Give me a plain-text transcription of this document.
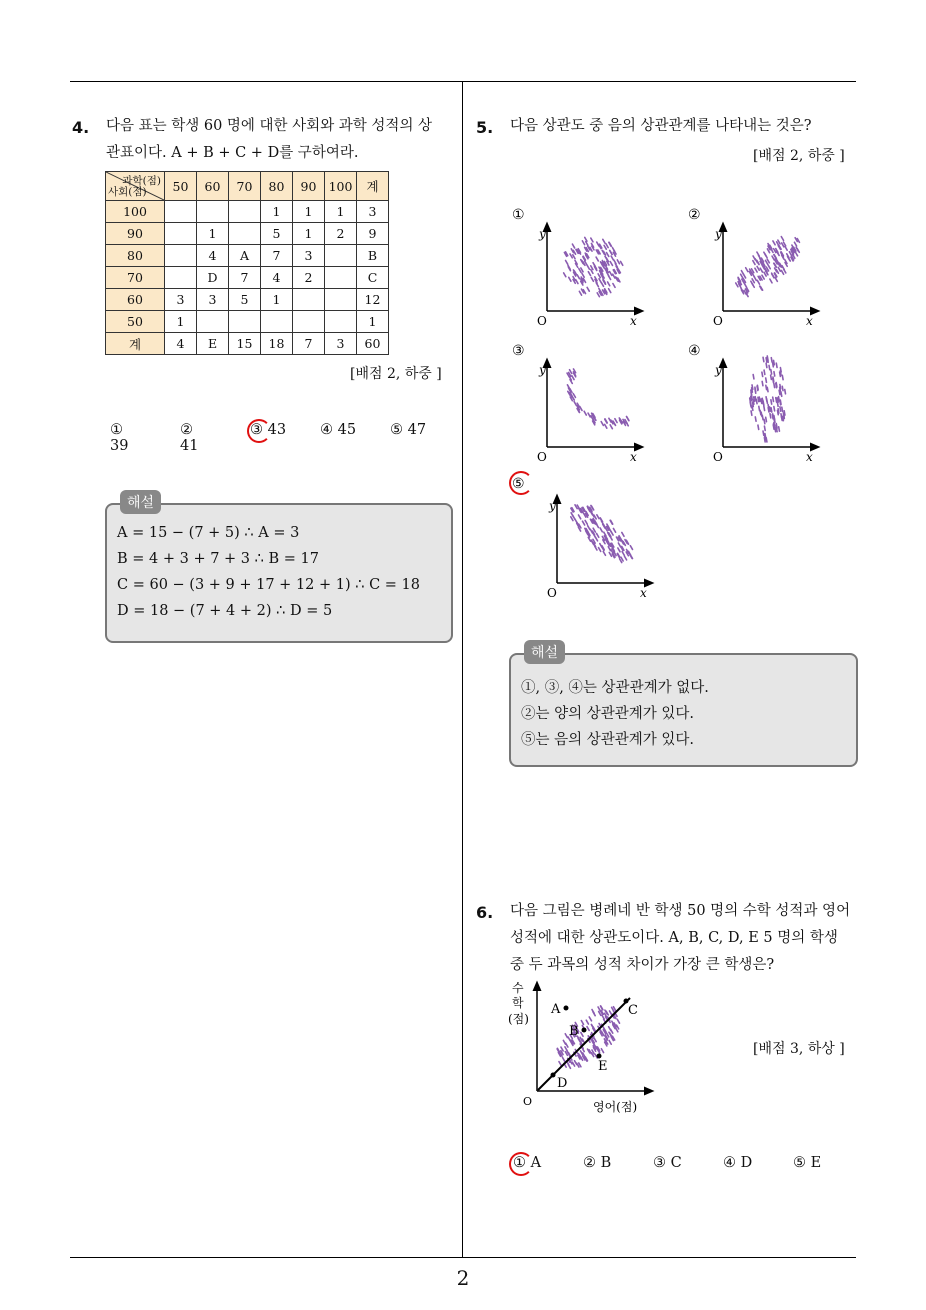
2
4. 다음 표는 학생 60 명에 대한 사회와 과학 성적의 상
관표이다. A + B + C + D를 구하여라.
과학(점)
사회(점)	50	60	70	80	90	100	계
100				1	1	1	3
90		1		5	1	2	9
80		4	A	7	3		B
70		D	7	4	2		C
60	3	3	5	1			12
50	1						1
계	4	E	15	18	7	3	60
[배점 2, 하중 ]
① 39
② 41
③ 43	④ 45	⑤ 47
해설
A = 15 − (7 + 5) ∴ A = 3
B = 4 + 3 + 7 + 3 ∴ B = 17
C = 60 − (3 + 9 + 17 + 12 + 1) ∴ C = 18
D = 18 − (7 + 4 + 2) ∴ D = 5
5. 다음 상관도 중 음의 상관관계를 나타내는 것은?
[배점 2, 하중 ]
①
y
O	x
②
y
O	x
③
y
O	x
④
y
O	x
⑤
y
O	x
수
학
(점)
O	영어(점)
A
B
C
D
E
해설
①, ③, ④는 상관관계가 없다.
②는 양의 상관관계가 있다.
⑤는 음의 상관관계가 있다.
6. 다음 그림은 병례네 반 학생 50 명의 수학 성적과 영어
성적에 대한 상관도이다. A, B, C, D, E 5 명의 학생
중 두 과목의 성적 차이가 가장 큰 학생은?
[배점 3, 하상 ]
① A	② B	③ C	④ D	⑤ E
